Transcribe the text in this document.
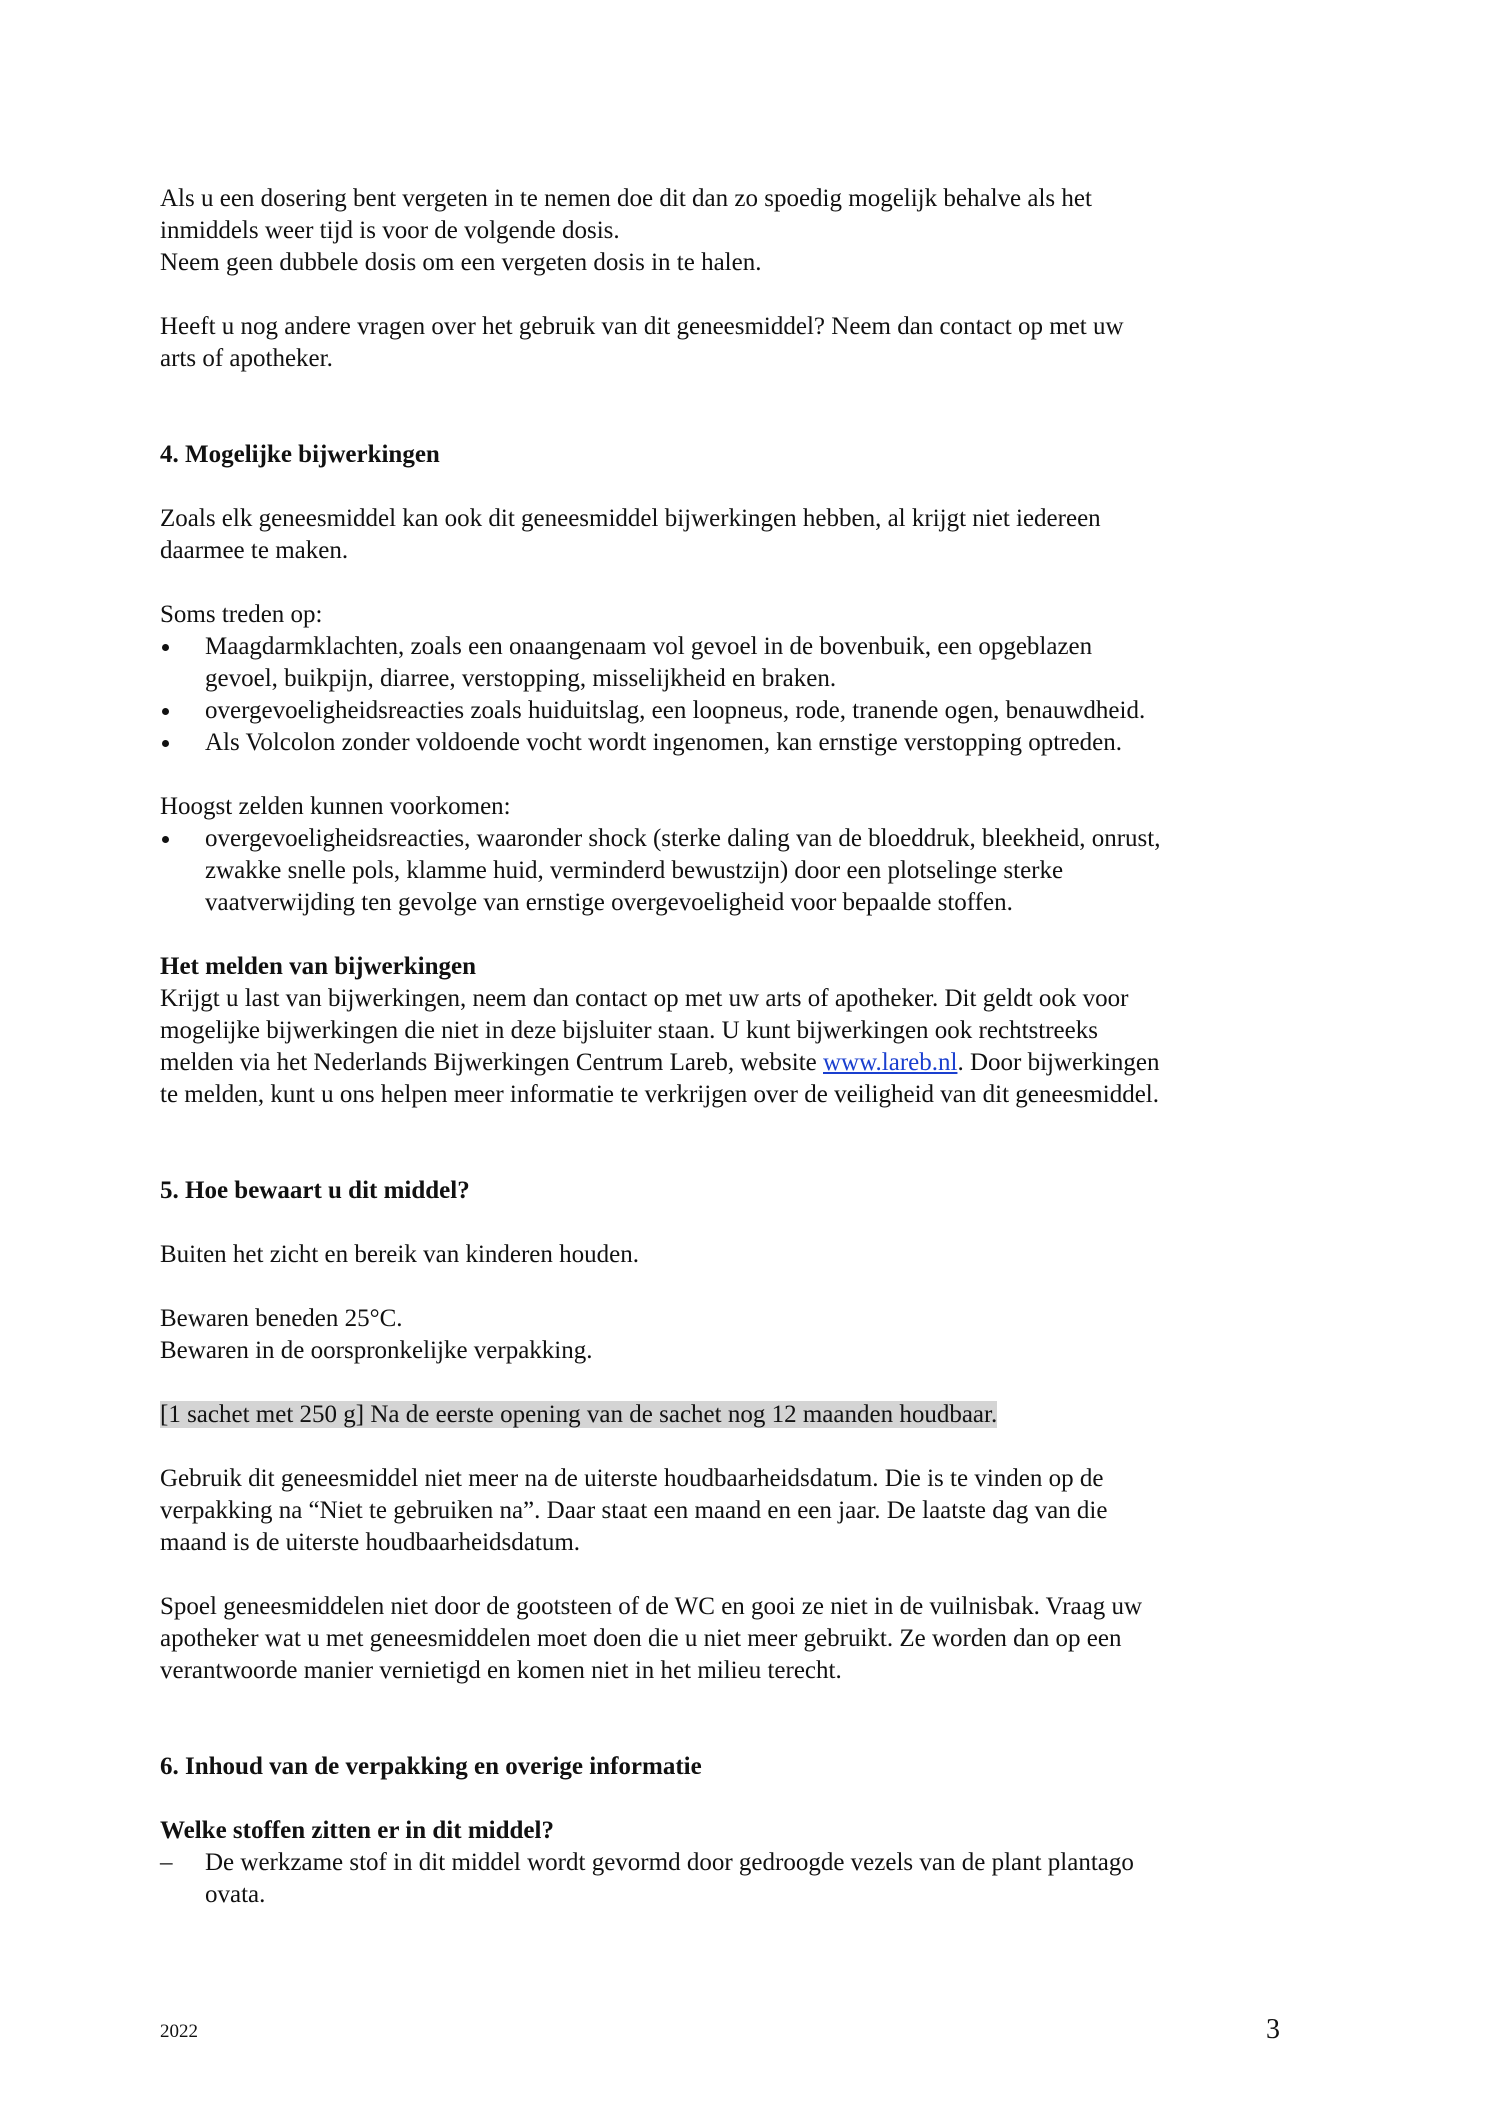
Als u een dosering bent vergeten in te nemen doe dit dan zo spoedig mogelijk behalve als het
inmiddels weer tijd is voor de volgende dosis.
Neem geen dubbele dosis om een vergeten dosis in te halen.

Heeft u nog andere vragen over het gebruik van dit geneesmiddel? Neem dan contact op met uw
arts of apotheker.

4. Mogelijke bijwerkingen

Zoals elk geneesmiddel kan ook dit geneesmiddel bijwerkingen hebben, al krijgt niet iedereen
daarmee te maken.

Soms treden op:

Maagdarmklachten, zoals een onaangenaam vol gevoel in de bovenbuik, een opgeblazen
gevoel, buikpijn, diarree, verstopping, misselijkheid en braken.
overgevoeligheidsreacties zoals huiduitslag, een loopneus, rode, tranende ogen, benauwdheid.
Als Volcolon zonder voldoende vocht wordt ingenomen, kan ernstige verstopping optreden.

Hoogst zelden kunnen voorkomen:

overgevoeligheidsreacties, waaronder shock (sterke daling van de bloeddruk, bleekheid, onrust,
zwakke snelle pols, klamme huid, verminderd bewustzijn) door een plotselinge sterke
vaatverwijding ten gevolge van ernstige overgevoeligheid voor bepaalde stoffen.

Het melden van bijwerkingen

Krijgt u last van bijwerkingen, neem dan contact op met uw arts of apotheker. Dit geldt ook voor
mogelijke bijwerkingen die niet in deze bijsluiter staan. U kunt bijwerkingen ook rechtstreeks
melden via het Nederlands Bijwerkingen Centrum Lareb, website www.lareb.nl. Door bijwerkingen
te melden, kunt u ons helpen meer informatie te verkrijgen over de veiligheid van dit geneesmiddel.

5. Hoe bewaart u dit middel?

Buiten het zicht en bereik van kinderen houden.

Bewaren beneden 25°C.
Bewaren in de oorspronkelijke verpakking.

[1 sachet met 250 g] Na de eerste opening van de sachet nog 12 maanden houdbaar.

Gebruik dit geneesmiddel niet meer na de uiterste houdbaarheidsdatum. Die is te vinden op de
verpakking na “Niet te gebruiken na”. Daar staat een maand en een jaar. De laatste dag van die
maand is de uiterste houdbaarheidsdatum.

Spoel geneesmiddelen niet door de gootsteen of de WC en gooi ze niet in de vuilnisbak. Vraag uw
apotheker wat u met geneesmiddelen moet doen die u niet meer gebruikt. Ze worden dan op een
verantwoorde manier vernietigd en komen niet in het milieu terecht.

6. Inhoud van de verpakking en overige informatie

Welke stoffen zitten er in dit middel?

– De werkzame stof in dit middel wordt gevormd door gedroogde vezels van de plant plantago
ovata.
2022	3
